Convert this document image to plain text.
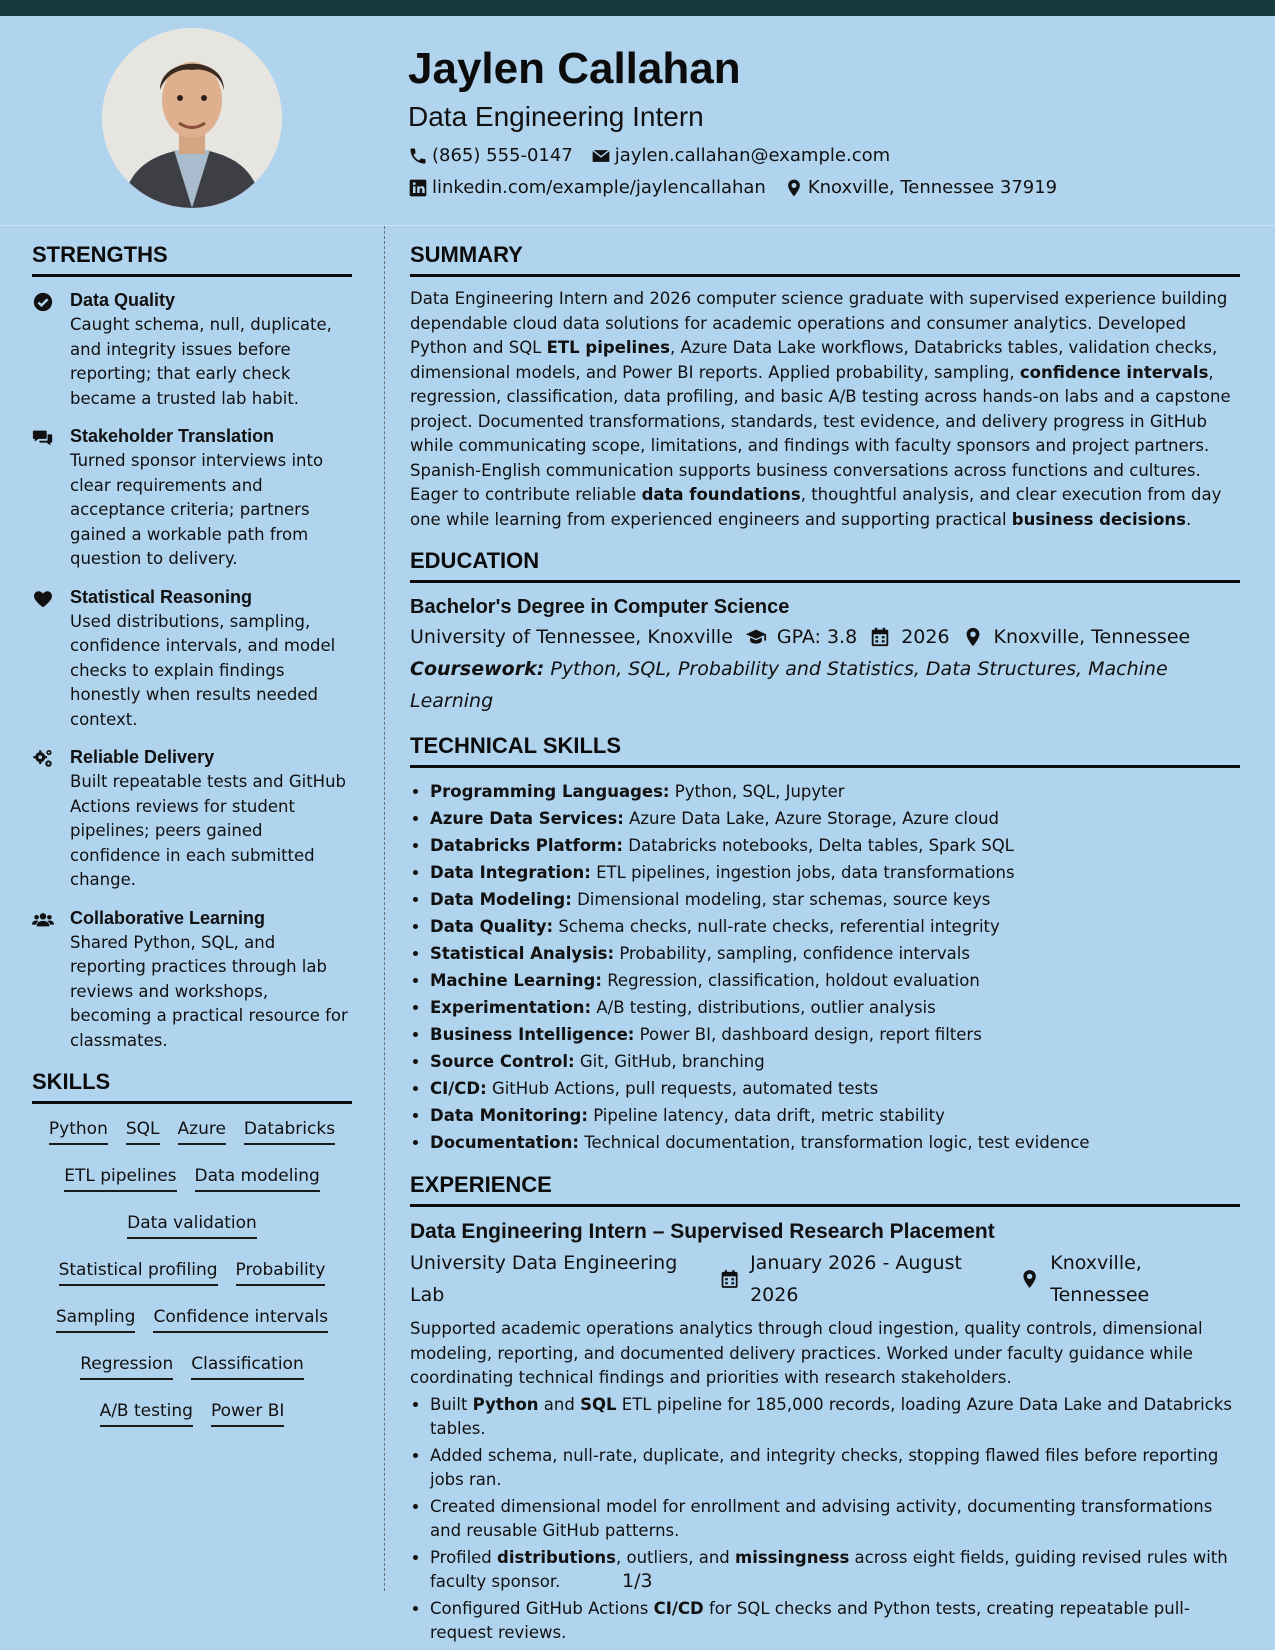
Jaylen Callahan
Data Engineering Intern
(865) 555-0147 jaylen.callahan@example.com
linkedin.com/example/jaylencallahan Knoxville, Tennessee 37919
STRENGTHS
Data Quality
Caught schema, null, duplicate, and integrity issues before reporting; that early check became a trusted lab habit.
Stakeholder Translation
Turned sponsor interviews into clear requirements and acceptance criteria; partners gained a workable path from question to delivery.
Statistical Reasoning
Used distributions, sampling, confidence intervals, and model checks to explain findings honestly when results needed context.
Reliable Delivery
Built repeatable tests and GitHub Actions reviews for student pipelines; peers gained confidence in each submitted change.
Collaborative Learning
Shared Python, SQL, and reporting practices through lab reviews and workshops, becoming a practical resource for classmates.
SKILLS
Python SQL Azure Databricks
ETL pipelines Data modeling
Data validation
Statistical profiling Probability
Sampling Confidence intervals
Regression Classification
A/B testing Power BI
SUMMARY

Data Engineering Intern and 2026 computer science graduate with supervised experience building dependable cloud data solutions for academic operations and consumer analytics. Developed Python and SQL ETL pipelines, Azure Data Lake workflows, Databricks tables, validation checks, dimensional models, and Power BI reports. Applied probability, sampling, confidence intervals, regression, classification, data profiling, and basic A/B testing across hands-on labs and a capstone project. Documented transformations, standards, test evidence, and delivery progress in GitHub while communicating scope, limitations, and findings with faculty sponsors and project partners. Spanish-English communication supports business conversations across functions and cultures. Eager to contribute reliable data foundations, thoughtful analysis, and clear execution from day one while learning from experienced engineers and supporting practical business decisions.

EDUCATION
Bachelor's Degree in Computer Science
University of Tennessee, Knoxville GPA: 3.8 2026 Knoxville, Tennessee
Coursework: Python, SQL, Probability and Statistics, Data Structures, Machine Learning
TECHNICAL SKILLS
• Programming Languages: Python, SQL, Jupyter
• Azure Data Services: Azure Data Lake, Azure Storage, Azure cloud
• Databricks Platform: Databricks notebooks, Delta tables, Spark SQL
• Data Integration: ETL pipelines, ingestion jobs, data transformations
• Data Modeling: Dimensional modeling, star schemas, source keys
• Data Quality: Schema checks, null-rate checks, referential integrity
• Statistical Analysis: Probability, sampling, confidence intervals
• Machine Learning: Regression, classification, holdout evaluation
• Experimentation: A/B testing, distributions, outlier analysis
• Business Intelligence: Power BI, dashboard design, report filters
• Source Control: Git, GitHub, branching
• CI/CD: GitHub Actions, pull requests, automated tests
• Data Monitoring: Pipeline latency, data drift, metric stability
• Documentation: Technical documentation, transformation logic, test evidence
EXPERIENCE
Data Engineering Intern – Supervised Research Placement
University Data Engineering Lab
January 2026 - August 2026
Knoxville, Tennessee
Supported academic operations analytics through cloud ingestion, quality controls, dimensional modeling, reporting, and documented delivery practices. Worked under faculty guidance while coordinating technical findings and priorities with research stakeholders.
• Built Python and SQL ETL pipeline for 185,000 records, loading Azure Data Lake and Databricks tables.
• Added schema, null-rate, duplicate, and integrity checks, stopping flawed files before reporting jobs ran.
• Created dimensional model for enrollment and advising activity, documenting transformations and reusable GitHub patterns.
• Profiled distributions, outliers, and missingness across eight fields, guiding revised rules with faculty sponsor.
• Configured GitHub Actions CI/CD for SQL checks and Python tests, creating repeatable pull-request reviews.
1/3
